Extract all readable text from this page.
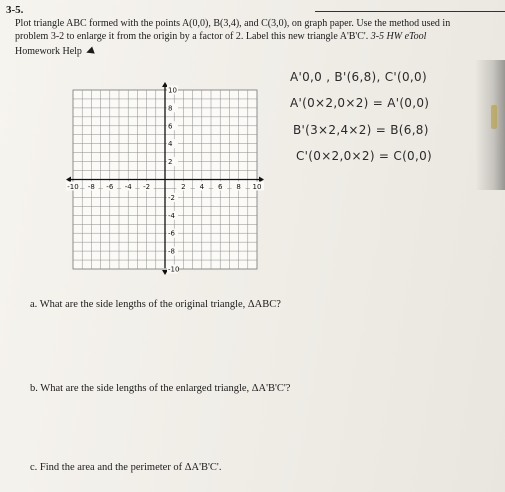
3-5.
Plot triangle ABC formed with the points A(0,0), B(3,4), and C(3,0), on graph paper. Use the method used in
problem 3-2 to enlarge it from the origin by a factor of 2. Label this new triangle A'B'C'. 3-5 HW eTool
Homework Help ◀
-10 -8 -6 -4 -2	2 4 6 8 10
10
8
6
4
2
-2
-4
-6
-8
-10
A'0,0 , B'(6,8), C'(0,0)
A'(0×2,0×2) = A'(0,0)
B'(3×2,4×2) = B(6,8)
C'(0×2,0×2) = C(0,0)
a. What are the side lengths of the original triangle, ΔABC?
b. What are the side lengths of the enlarged triangle, ΔA'B'C'?
c. Find the area and the perimeter of ΔA'B'C'.
